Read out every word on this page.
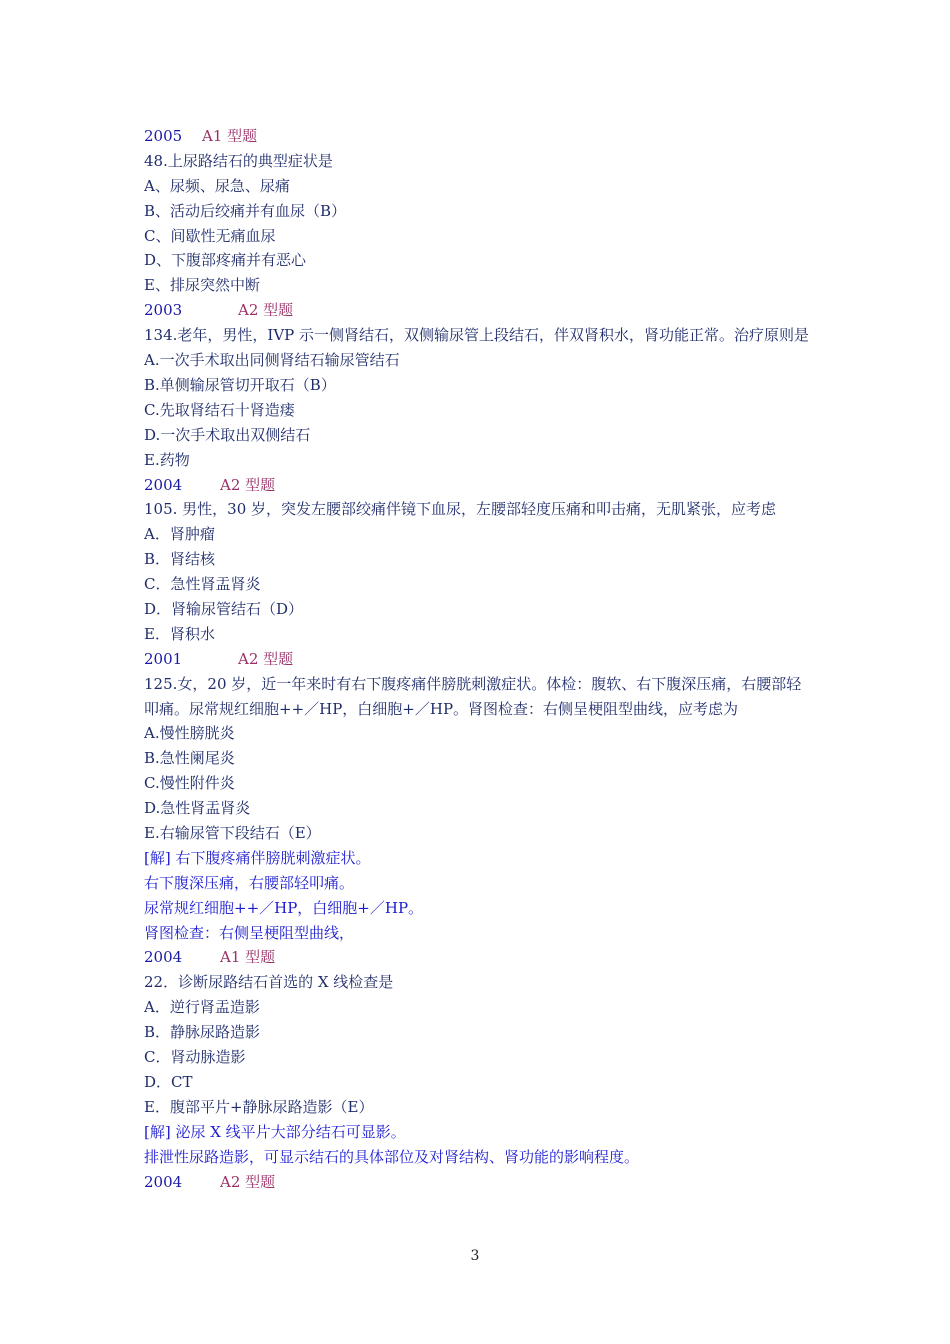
2005 A1 型题
48.上尿路结石的典型症状是
A、尿频、尿急、尿痛
B、活动后绞痛并有血尿（B）
C、间歇性无痛血尿
D、下腹部疼痛并有恶心
E、排尿突然中断
2003	A2 型题
134.老年，男性，IVP 示一侧肾结石，双侧输尿管上段结石，伴双肾积水，肾功能正常。治疗原则是
A.一次手术取出同侧肾结石输尿管结石
B.单侧输尿管切开取石（B）
C.先取肾结石十肾造瘘
D.一次手术取出双侧结石
E.药物
2004	A2 型题
105. 男性，30 岁，突发左腰部绞痛伴镜下血尿，左腰部轻度压痛和叩击痛，无肌紧张，应考虑
A．肾肿瘤
B．肾结核
C．急性肾盂肾炎
D．肾输尿管结石（D）
E．肾积水
2001	A2 型题
125.女，20 岁，近一年来时有右下腹疼痛伴膀胱刺激症状。体检：腹软、右下腹深压痛，右腰部轻叩痛。尿常规红细胞++／HP，白细胞+／HP。肾图检查：右侧呈梗阻型曲线，应考虑为
A.慢性膀胱炎
B.急性阑尾炎
C.慢性附件炎
D.急性肾盂肾炎
E.右输尿管下段结石（E）
[解] 右下腹疼痛伴膀胱刺激症状。
右下腹深压痛，右腰部轻叩痛。
尿常规红细胞++／HP，白细胞+／HP。
肾图检查：右侧呈梗阻型曲线，
2004	A1 型题
22．诊断尿路结石首选的 X 线检查是
A．逆行肾盂造影
B．静脉尿路造影
C．肾动脉造影
D．CT
E．腹部平片+静脉尿路造影（E）
[解] 泌尿 X 线平片大部分结石可显影。
排泄性尿路造影，可显示结石的具体部位及对肾结构、肾功能的影响程度。
2004	A2 型题
3
